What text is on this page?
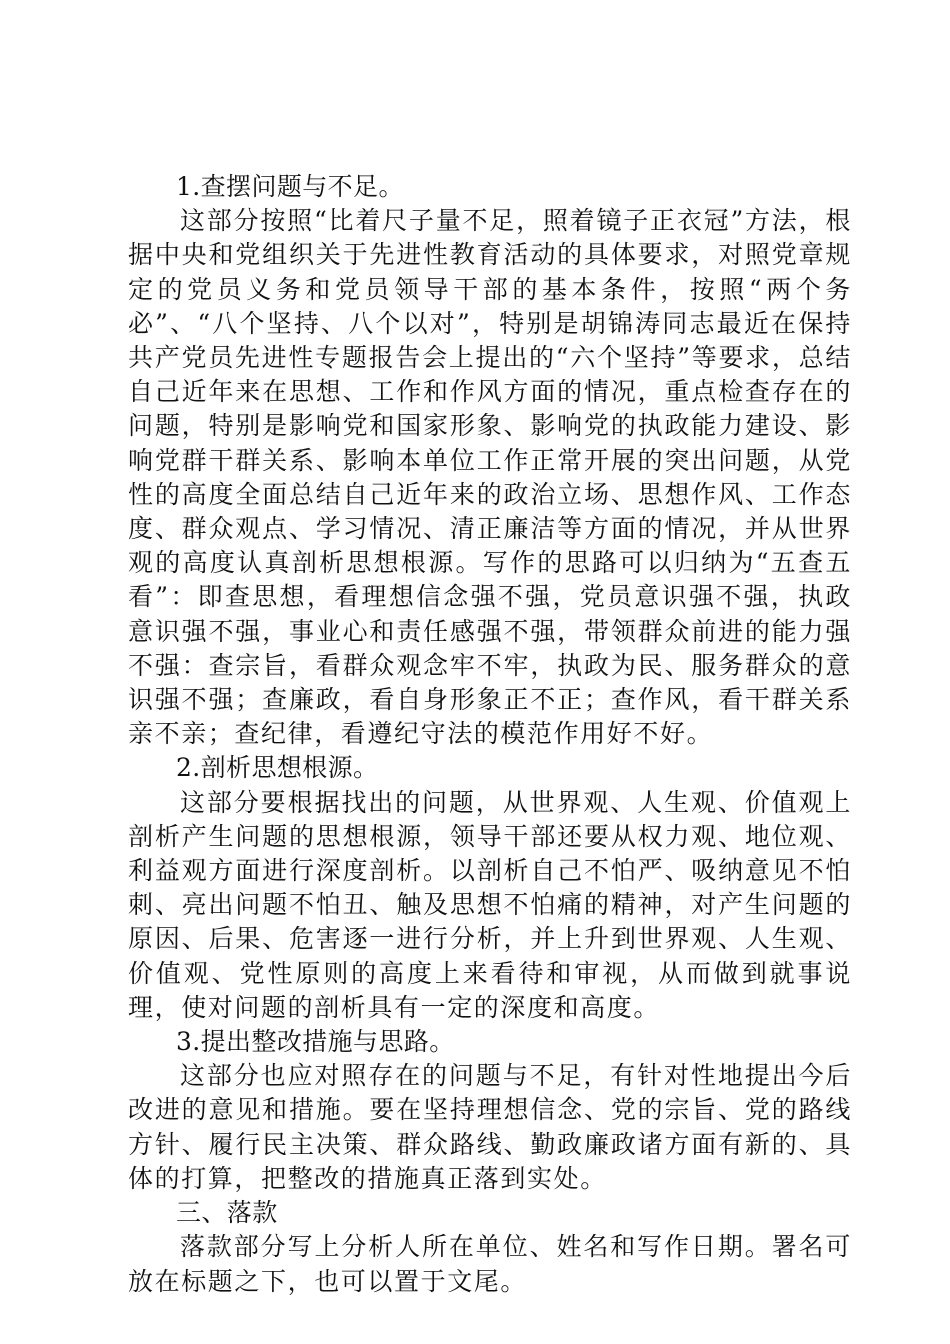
1.查摆问题与不足。

这部分按照“比着尺子量不足，照着镜子正衣冠”方法，根据中央和党组织关于先进性教育活动的具体要求，对照党章规定的党员义务和党员领导干部的基本条件，按照“两个务必”、“八个坚持、八个以对”，特别是胡锦涛同志最近在保持共产党员先进性专题报告会上提出的“六个坚持”等要求，总结自己近年来在思想、工作和作风方面的情况，重点检查存在的问题，特别是影响党和国家形象、影响党的执政能力建设、影响党群干群关系、影响本单位工作正常开展的突出问题，从党性的高度全面总结自己近年来的政治立场、思想作风、工作态度、群众观点、学习情况、清正廉洁等方面的情况，并从世界观的高度认真剖析思想根源。写作的思路可以归纳为“五查五看”：即查思想，看理想信念强不强，党员意识强不强，执政意识强不强，事业心和责任感强不强，带领群众前进的能力强不强：查宗旨，看群众观念牢不牢，执政为民、服务群众的意识强不强；查廉政，看自身形象正不正；查作风，看干群关系亲不亲；查纪律，看遵纪守法的模范作用好不好。

2.剖析思想根源。

这部分要根据找出的问题，从世界观、人生观、价值观上剖析产生问题的思想根源，领导干部还要从权力观、地位观、利益观方面进行深度剖析。以剖析自己不怕严、吸纳意见不怕刺、亮出问题不怕丑、触及思想不怕痛的精神，对产生问题的原因、后果、危害逐一进行分析，并上升到世界观、人生观、价值观、党性原则的高度上来看待和审视，从而做到就事说理，使对问题的剖析具有一定的深度和高度。

3.提出整改措施与思路。

这部分也应对照存在的问题与不足，有针对性地提出今后改进的意见和措施。要在坚持理想信念、党的宗旨、党的路线方针、履行民主决策、群众路线、勤政廉政诸方面有新的、具体的打算，把整改的措施真正落到实处。

三、落款

落款部分写上分析人所在单位、姓名和写作日期。署名可放在标题之下，也可以置于文尾。
